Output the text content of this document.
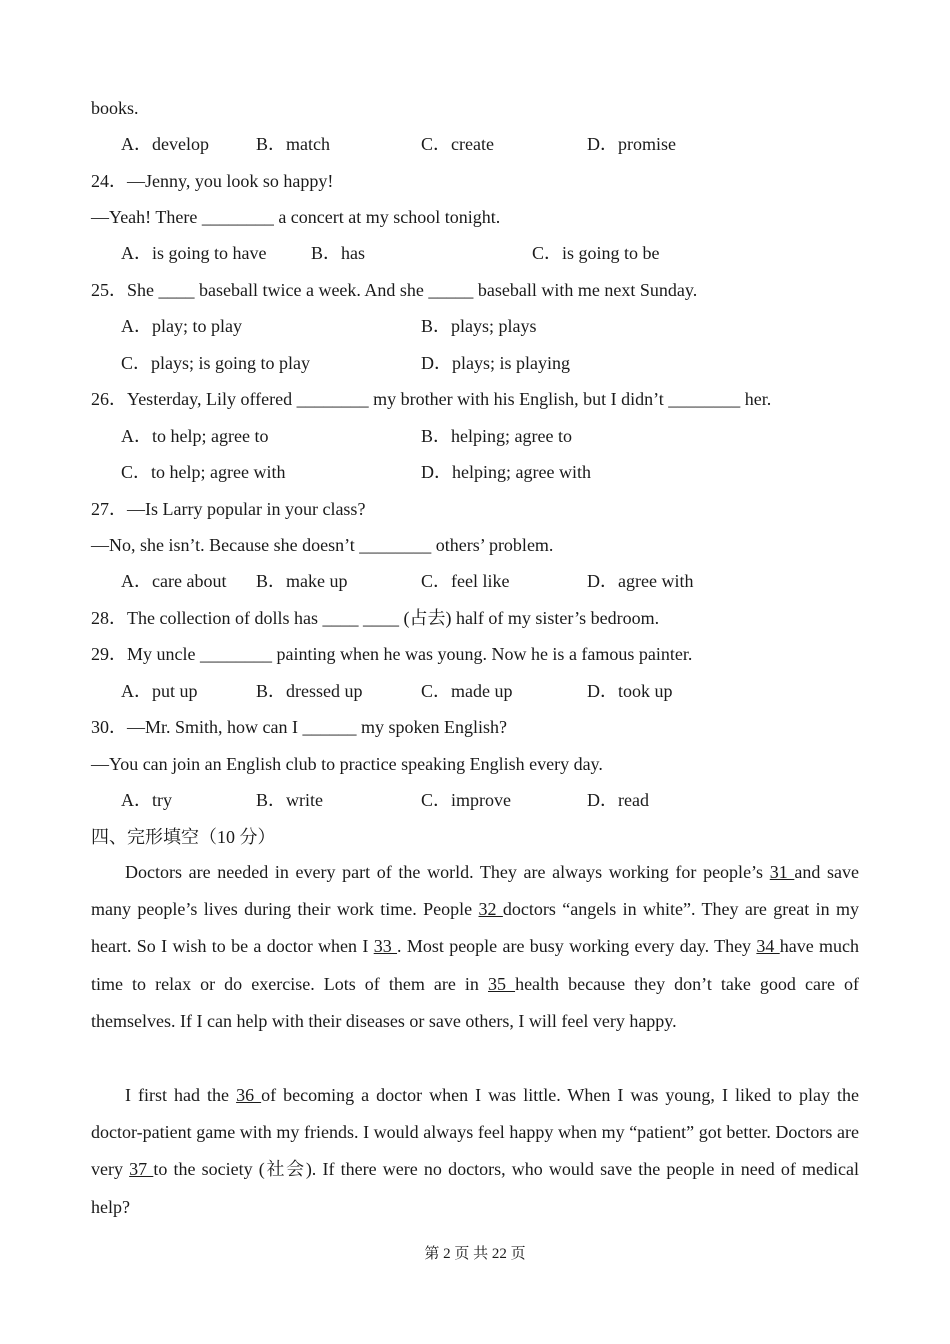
books.
A．develop	B．match	C．create	D．promise
24．—Jenny, you look so happy!
—Yeah! There ________ a concert at my school tonight.
A．is going to have B．has	C．is going to be
25．She ____ baseball twice a week. And she _____ baseball with me next Sunday.
A．play; to play	B．plays; plays
C．plays; is going to play	D．plays; is playing
26．Yesterday, Lily offered ________ my brother with his English, but I didn’t ________ her.
A．to help; agree to	B．helping; agree to
C．to help; agree with	D．helping; agree with
27．—Is Larry popular in your class?
—No, she isn’t. Because she doesn’t ________ others’ problem.
A．care about B．make up	C．feel like	D．agree with
28．The collection of dolls has ____ ____ (占去) half of my sister’s bedroom.
29．My uncle ________ painting when he was young. Now he is a famous painter.
A．put up	B．dressed up	C．made up	D．took up
30．—Mr. Smith, how can I ______ my spoken English?
—You can join an English club to practice speaking English every day.
A．try	B．write	C．improve	D．read
四、完形填空（10 分）
Doctors are needed in every part of the world. They are always working for people’s 31 and save many people’s lives during their work time. People 32 doctors “angels in white”. They are great in my heart. So I wish to be a doctor when I 33 . Most people are busy working every day. They 34 have much time to relax or do exercise. Lots of them are in 35 health because they don’t take good care of themselves. If I can help with their diseases or save others, I will feel very happy.
I first had the 36 of becoming a doctor when I was little. When I was young, I liked to play the doctor-patient game with my friends. I would always feel happy when my “patient” got better. Doctors are very 37 to the society (社会). If there were no doctors, who would save the people in need of medical help?
第 2 页 共 22 页
